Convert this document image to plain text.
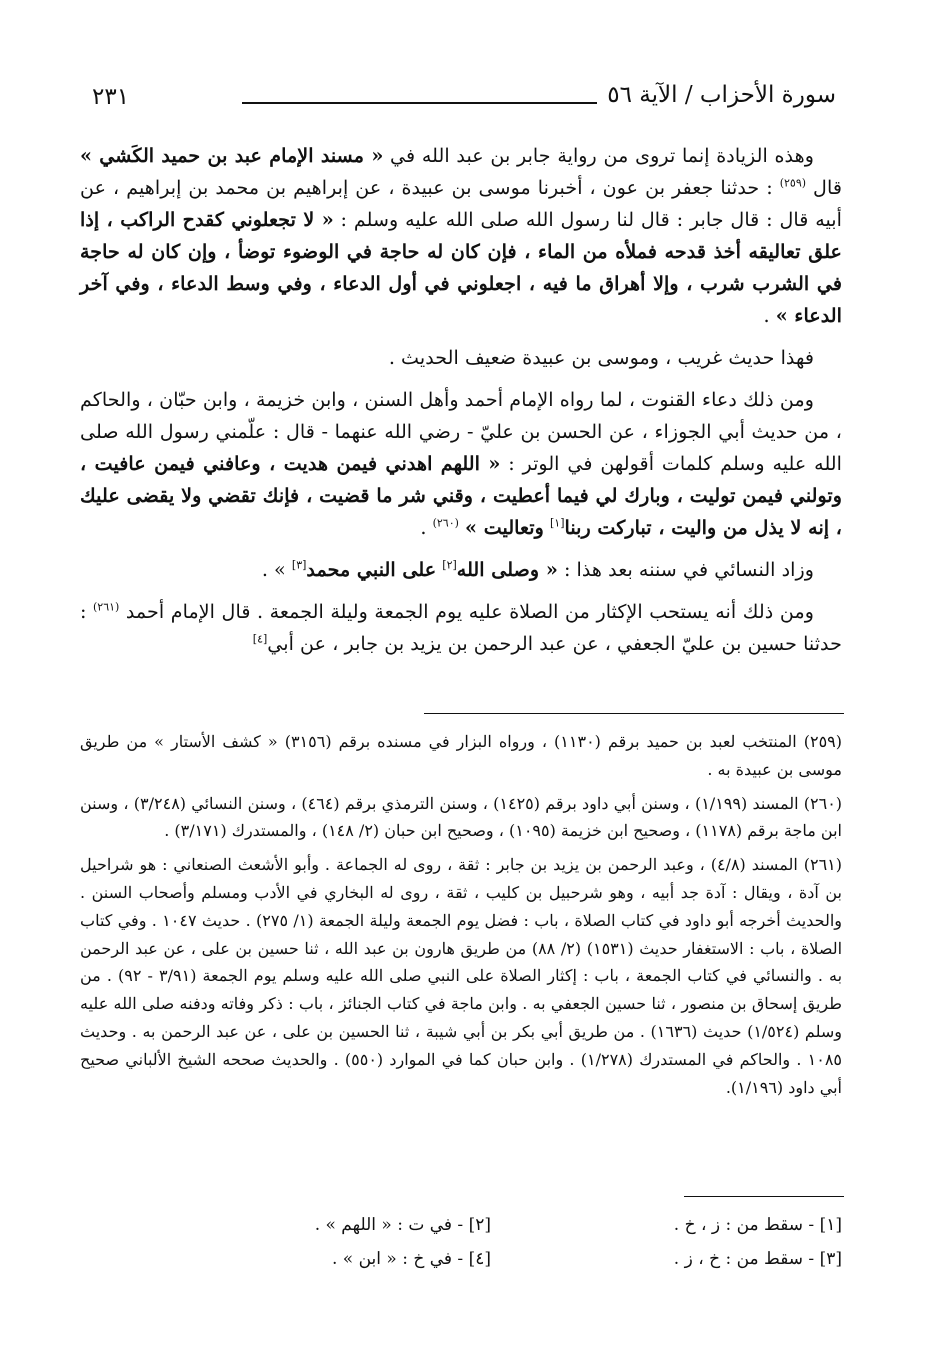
٢٣١	سورة الأحزاب / الآية ٥٦

وهذه الزيادة إنما تروى من رواية جابر بن عبد الله في « مسند الإمام عبد بن حميد الكَشي » قال $^{(٢٥٩)}$ : حدثنا جعفر بن عون ، أخبرنا موسى بن عبيدة ، عن إبراهيم بن محمد بن إبراهيم ، عن أبيه قال : قال جابر : قال لنا رسول الله صلى الله عليه وسلم : « لا تجعلوني كقدح الراكب ، إذا علق تعاليقه أخذ قدحه فملأه من الماء ، فإن كان له حاجة في الوضوء توضأ ، وإن كان له حاجة في الشرب شرب ، وإلا أهراق ما فيه ، اجعلوني في أول الدعاء ، وفي وسط الدعاء ، وفي آخر الدعاء » .

فهذا حديث غريب ، وموسى بن عبيدة ضعيف الحديث .

ومن ذلك دعاء القنوت ، لما رواه الإمام أحمد وأهل السنن ، وابن خزيمة ، وابن حبّان ، والحاكم ، من حديث أبي الجوزاء ، عن الحسن بن عليّ - رضي الله عنهما - قال : علّمني رسول الله صلى الله عليه وسلم كلمات أقولهن في الوتر : « اللهم اهدني فيمن هديت ، وعافني فيمن عافيت ، وتولني فيمن توليت ، وبارك لي فيما أعطيت ، وقني شر ما قضيت ، فإنك تقضي ولا يقضى عليك ، إنه لا يذل من واليت ، تباركت ربنا[١] وتعاليت » $^{(٢٦٠)}$ .

وزاد النسائي في سننه بعد هذا : « وصلى الله[٢] على النبي محمد[٣] » .

ومن ذلك أنه يستحب الإكثار من الصلاة عليه يوم الجمعة وليلة الجمعة . قال الإمام أحمد $^{(٢٦١)}$ : حدثنا حسين بن عليّ الجعفي ، عن عبد الرحمن بن يزيد بن جابر ، عن أبي[٤]

(٢٥٩) المنتخب لعبد بن حميد برقم (١١٣٠) ، ورواه البزار في مسنده برقم (٣١٥٦) « كشف الأستار » من طريق موسى بن عبيدة به .

(٢٦٠) المسند (١/١٩٩) ، وسنن أبي داود برقم (١٤٢٥) ، وسنن الترمذي برقم (٤٦٤) ، وسنن النسائي (٣/٢٤٨) ، وسنن ابن ماجة برقم (١١٧٨) ، وصحيح ابن خزيمة (١٠٩٥) ، وصحيح ابن حبان (٢/ ١٤٨) ، والمستدرك (٣/١٧١) .

(٢٦١) المسند (٤/٨) ، وعبد الرحمن بن يزيد بن جابر : ثقة ، روى له الجماعة . وأبو الأشعث الصنعاني : هو شراحيل بن آدة ، ويقال : آدة جد أبيه ، وهو شرحبيل بن كليب ، ثقة ، روى له البخاري في الأدب ومسلم وأصحاب السنن . والحديث أخرجه أبو داود في كتاب الصلاة ، باب : فضل يوم الجمعة وليلة الجمعة (١/ ٢٧٥) . حديث ١٠٤٧ . وفي كتاب الصلاة ، باب : الاستغفار حديث (١٥٣١) (٢/ ٨٨) من طريق هارون بن عبد الله ، ثنا حسين بن على ، عن عبد الرحمن به . والنسائي في كتاب الجمعة ، باب : إكثار الصلاة على النبي صلى الله عليه وسلم يوم الجمعة (٣/٩١ - ٩٢) . من طريق إسحاق بن منصور ، ثنا حسين الجعفي به . وابن ماجة في كتاب الجنائز ، باب : ذكر وفاته ودفنه صلى الله عليه وسلم (١/٥٢٤) حديث (١٦٣٦) . من طريق أبي بكر بن أبي شيبة ، ثنا الحسين بن على ، عن عبد الرحمن به . وحديث ١٠٨٥ . والحاكم في المستدرك (١/٢٧٨) . وابن حبان كما في الموارد (٥٥٠) . والحديث صححه الشيخ الألباني صحيح أبي داود (١/١٩٦).

[١] - سقط من : ز ، خ .
[٢] - في ت : « اللهم » .
[٣] - سقط من : خ ، ز .
[٤] - في خ : « ابن » .
